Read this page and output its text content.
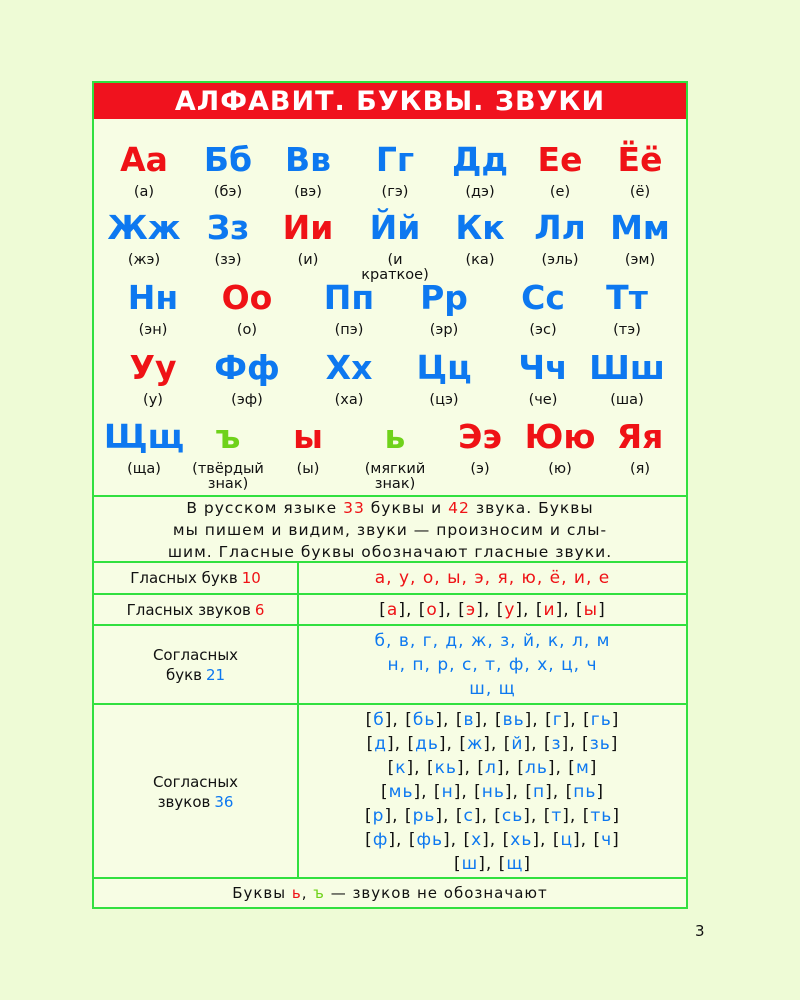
АЛФАВИТ. БУКВЫ. ЗВУКИ
Аа
(а)
Бб
(бэ)
Вв
(вэ)
Гг
(гэ)
Дд
(дэ)
Ее
(е)
Ёё
(ё)
Жж
(жэ)
Зз
(зэ)
Ии
(и)
Йй
(и
краткое)
Кк
(ка)
Лл
(эль)
Мм
(эм)
Нн
(эн)
Оо
(о)
Пп
(пэ)
Рр
(эр)
Сс
(эс)
Тт
(тэ)
Уу
(у)
Фф
(эф)
Хх
(ха)
Цц
(цэ)
Чч
(че)
Шш
(ша)
Щщ
(ща)
ъ
(твёрдый
знак)
ы
(ы)
ь
(мягкий
знак)
Ээ
(э)
Юю
(ю)
Яя
(я)
В русском языке 33 буквы и 42 звука. Буквы
мы пишем и видим, звуки — произносим и слы-
шим. Гласные буквы обозначают гласные звуки.
Гласных букв 10	а, у, о, ы, э, я, ю, ё, и, е
Гласных звуков 6	[а], [о], [э], [у], [и], [ы]
Согласных
букв 21
б, в, г, д, ж, з, й, к, л, м
н, п, р, с, т, ф, х, ц, ч
ш, щ
Согласных
звуков 36
[б], [бь], [в], [вь], [г], [гь]
[д], [дь], [ж], [й], [з], [зь]
[к], [кь], [л], [ль], [м]
[мь], [н], [нь], [п], [пь]
[р], [рь], [с], [сь], [т], [ть]
[ф], [фь], [х], [хь], [ц], [ч]
[ш], [щ]
Буквы
ь ,
ъ
— звуков не обозначают
3
